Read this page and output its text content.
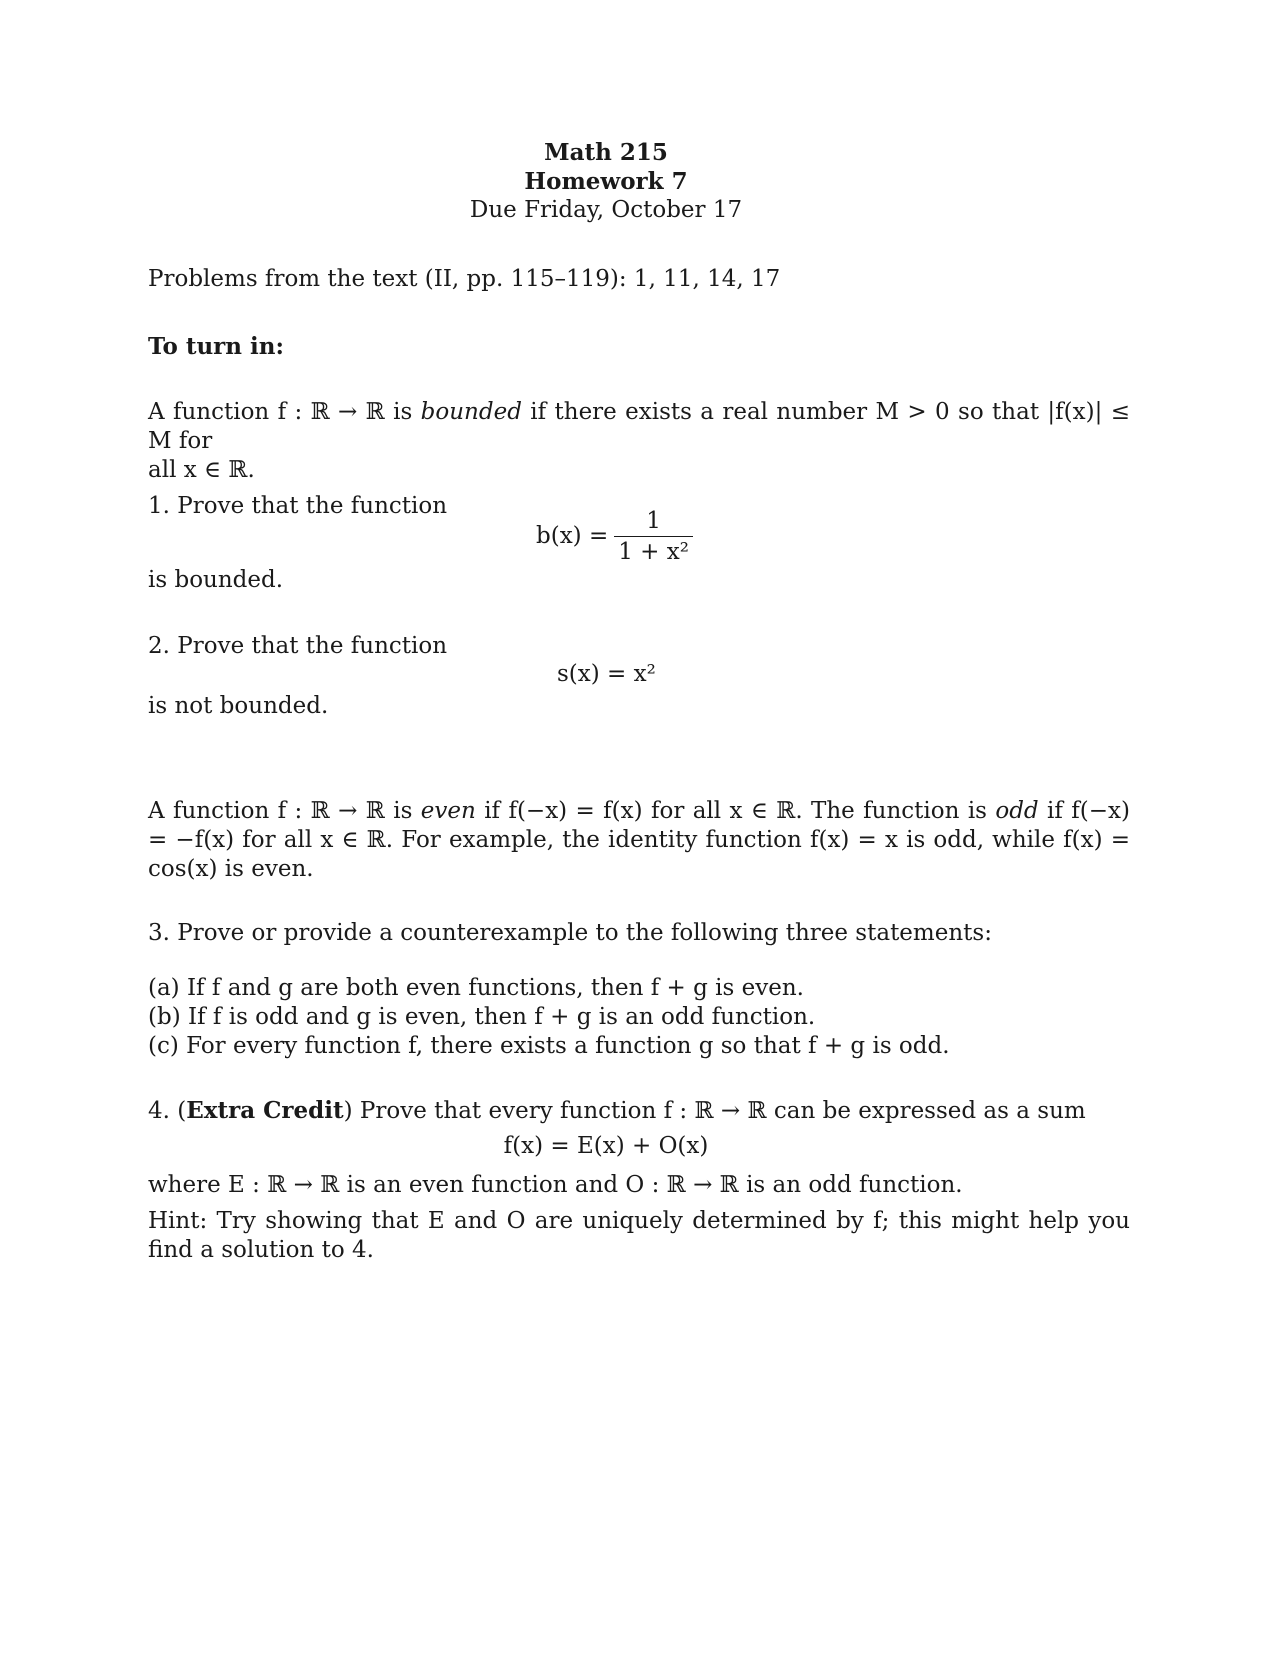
Math 215
Homework 7
Due Friday, October 17
Problems from the text (II, pp. 115–119): 1, 11, 14, 17
To turn in:
A function f : ℝ → ℝ is bounded if there exists a real number M > 0 so that |f(x)| ≤ M for
all x ∈ ℝ.
1. Prove that the function
$b(x) = \frac{1}{\text{1 + x²}}$
is bounded.
2. Prove that the function
s(x) = x²
is not bounded.
A function f : ℝ → ℝ is even if f(−x) = f(x) for all x ∈ ℝ. The function is odd if f(−x) = −f(x) for all x ∈ ℝ. For example, the identity function f(x) = x is odd, while f(x) = cos(x) is even.
3. Prove or provide a counterexample to the following three statements:
(a) If f and g are both even functions, then f + g is even.
(b) If f is odd and g is even, then f + g is an odd function.
(c) For every function f, there exists a function g so that f + g is odd.
4. (Extra Credit) Prove that every function f : ℝ → ℝ can be expressed as a sum
f(x) = E(x) + O(x)
where E : ℝ → ℝ is an even function and O : ℝ → ℝ is an odd function.
Hint: Try showing that E and O are uniquely determined by f; this might help you find a solution to 4.
